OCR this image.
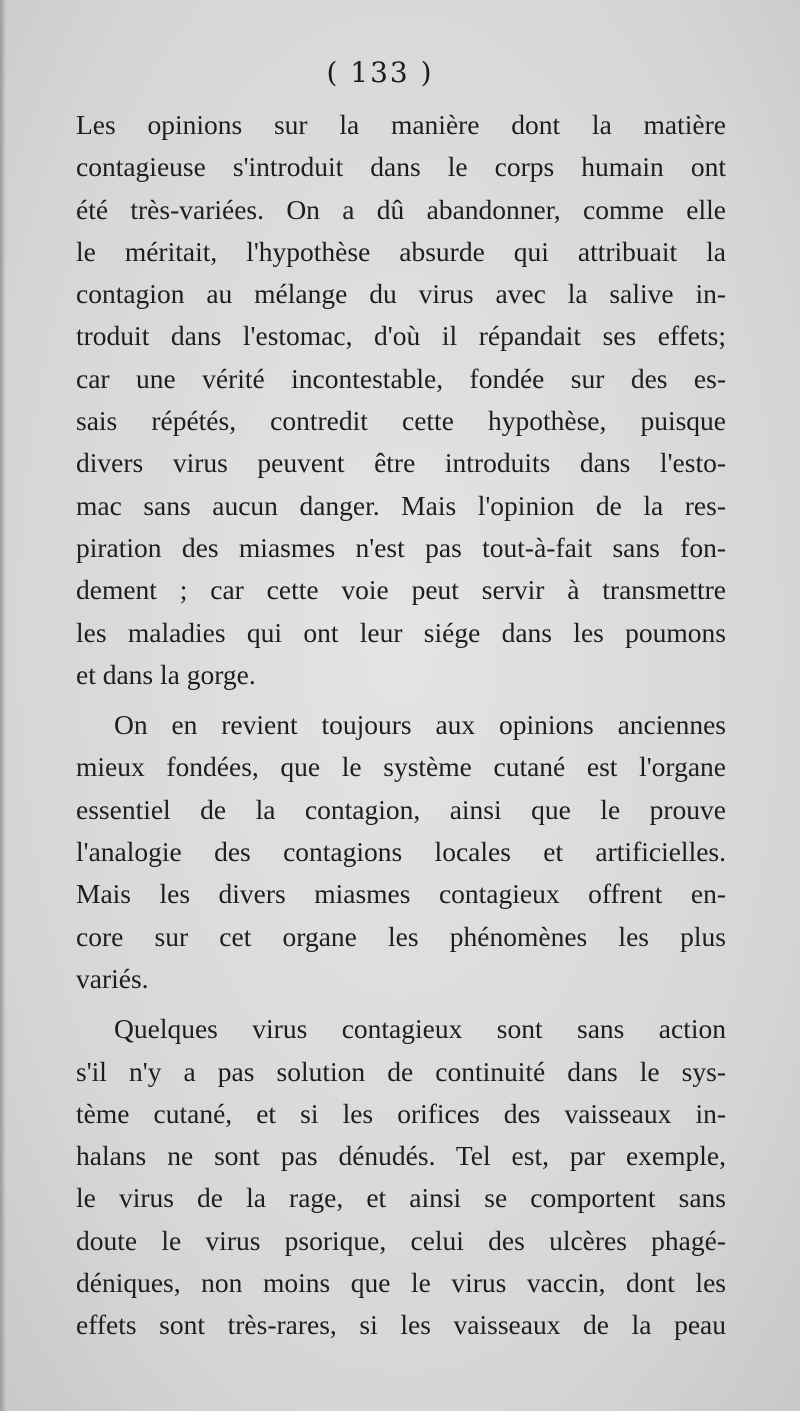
( 133 )
Les opinions sur la manière dont la matière
contagieuse s'introduit dans le corps humain ont
été très-variées. On a dû abandonner, comme elle
le méritait, l'hypothèse absurde qui attribuait la
contagion au mélange du virus avec la salive in-
troduit dans l'estomac, d'où il répandait ses effets;
car une vérité incontestable, fondée sur des es-
sais répétés, contredit cette hypothèse, puisque
divers virus peuvent être introduits dans l'esto-
mac sans aucun danger. Mais l'opinion de la res-
piration des miasmes n'est pas tout-à-fait sans fon-
dement ; car cette voie peut servir à transmettre
les maladies qui ont leur siége dans les poumons
et dans la gorge.
On en revient toujours aux opinions anciennes
mieux fondées, que le système cutané est l'organe
essentiel de la contagion, ainsi que le prouve
l'analogie des contagions locales et artificielles.
Mais les divers miasmes contagieux offrent en-
core sur cet organe les phénomènes les plus
variés.
Quelques virus contagieux sont sans action
s'il n'y a pas solution de continuité dans le sys-
tème cutané, et si les orifices des vaisseaux in-
halans ne sont pas dénudés. Tel est, par exemple,
le virus de la rage, et ainsi se comportent sans
doute le virus psorique, celui des ulcères phagé-
déniques, non moins que le virus vaccin, dont les
effets sont très-rares, si les vaisseaux de la peau
